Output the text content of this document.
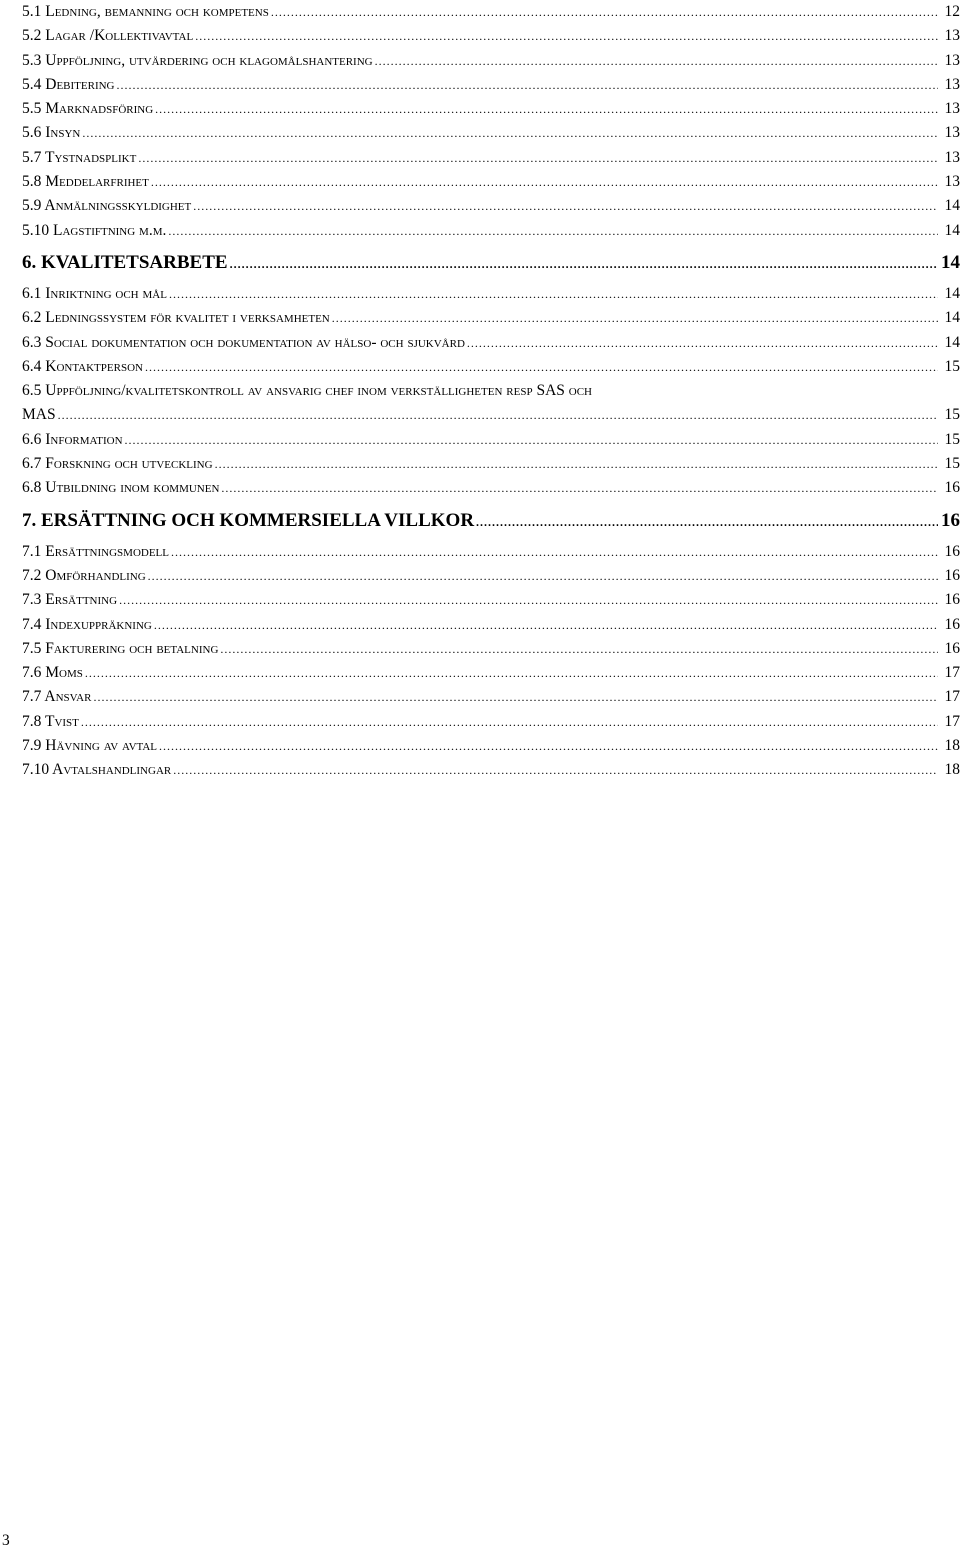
5.1 Ledning, bemanning och kompetens .....	12
5.2 Lagar /Kollektivavtal .....	13
5.3 Uppföljning, utvärdering och klagomålshantering .....	13
5.4 Debitering .....	13
5.5 Marknadsföring .....	13
5.6 Insyn .....	13
5.7 Tystnadsplikt .....	13
5.8 Meddelarfrihet .....	13
5.9 Anmälningsskyldighet .....	14
5.10 Lagstiftning m.m. .....	14
6. KVALITETSARBETE .....	14
6.1 Inriktning och mål .....	14
6.2 Ledningssystem för kvalitet i verksamheten .....	14
6.3 Social dokumentation och dokumentation av hälso- och sjukvård .....	14
6.4 Kontaktperson .....	15
6.5 Uppföljning/kvalitetskontroll av ansvarig chef inom verkställigheten resp SAS och
MAS .....	15
6.6 Information .....	15
6.7 Forskning och utveckling .....	15
6.8 Utbildning inom kommunen .....	16
7. ERSÄTTNING OCH KOMMERSIELLA VILLKOR .....	16
7.1 Ersättningsmodell .....	16
7.2 Omförhandling .....	16
7.3 Ersättning .....	16
7.4 Indexuppräkning .....	16
7.5 Fakturering och betalning .....	16
7.6 Moms .....	17
7.7 Ansvar .....	17
7.8 Tvist .....	17
7.9 Hävning av avtal .....	18
7.10 Avtalshandlingar .....	18
3
